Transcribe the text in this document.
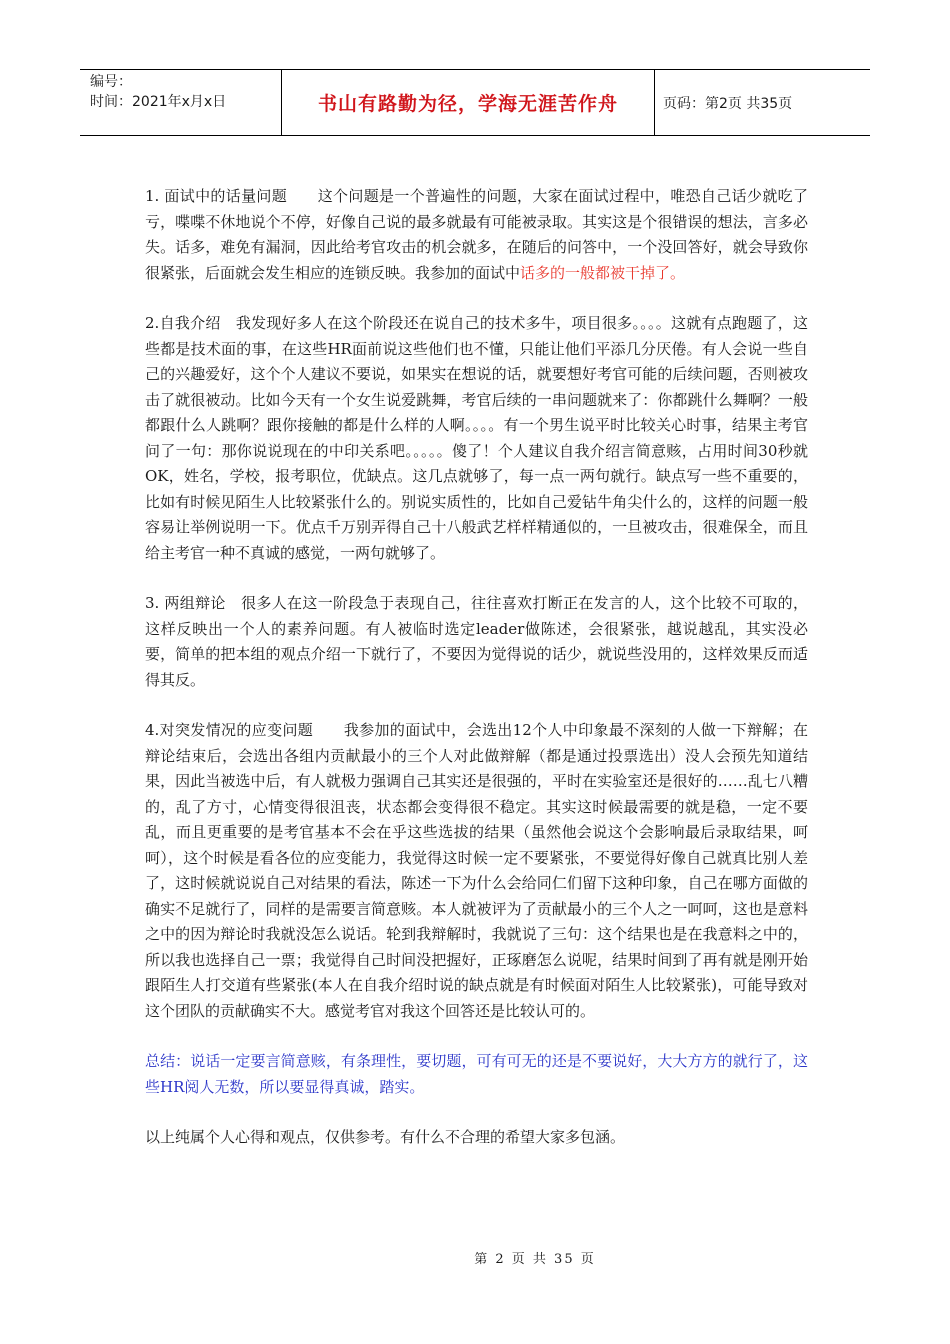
编号：
时间：2021年x月x日	书山有路勤为径，学海无涯苦作舟	页码：第2页 共35页

1. 面试中的话量问题　　这个问题是一个普遍性的问题，大家在面试过程中，唯恐自己话少就吃了亏，喋喋不休地说个不停，好像自己说的最多就最有可能被录取。其实这是个很错误的想法，言多必失。话多，难免有漏洞，因此给考官攻击的机会就多，在随后的问答中，一个没回答好，就会导致你很紧张，后面就会发生相应的连锁反映。我参加的面试中话多的一般都被干掉了。

2.自我介绍　我发现好多人在这个阶段还在说自己的技术多牛，项目很多。。。。这就有点跑题了，这些都是技术面的事，在这些HR面前说这些他们也不懂，只能让他们平添几分厌倦。有人会说一些自己的兴趣爱好，这个个人建议不要说，如果实在想说的话，就要想好考官可能的后续问题，否则被攻击了就很被动。比如今天有一个女生说爱跳舞，考官后续的一串问题就来了：你都跳什么舞啊？一般都跟什么人跳啊？跟你接触的都是什么样的人啊。。。。有一个男生说平时比较关心时事，结果主考官问了一句：那你说说现在的中印关系吧。。。。。傻了！个人建议自我介绍言简意赅，占用时间30秒就OK，姓名，学校，报考职位，优缺点。这几点就够了，每一点一两句就行。缺点写一些不重要的，比如有时候见陌生人比较紧张什么的。别说实质性的，比如自己爱钻牛角尖什么的，这样的问题一般容易让举例说明一下。优点千万别弄得自己十八般武艺样样精通似的，一旦被攻击，很难保全，而且给主考官一种不真诚的感觉，一两句就够了。

3. 两组辩论　很多人在这一阶段急于表现自己，往往喜欢打断正在发言的人，这个比较不可取的，这样反映出一个人的素养问题。有人被临时选定leader做陈述，会很紧张，越说越乱，其实没必要，简单的把本组的观点介绍一下就行了，不要因为觉得说的话少，就说些没用的，这样效果反而适得其反。

4.对突发情况的应变问题　　我参加的面试中，会选出12个人中印象最不深刻的人做一下辩解；在辩论结束后，会选出各组内贡献最小的三个人对此做辩解（都是通过投票选出）没人会预先知道结果，因此当被选中后，有人就极力强调自己其实还是很强的，平时在实验室还是很好的……乱七八糟的，乱了方寸，心情变得很沮丧，状态都会变得很不稳定。其实这时候最需要的就是稳，一定不要乱，而且更重要的是考官基本不会在乎这些选拔的结果（虽然他会说这个会影响最后录取结果，呵呵），这个时候是看各位的应变能力，我觉得这时候一定不要紧张，不要觉得好像自己就真比别人差了，这时候就说说自己对结果的看法，陈述一下为什么会给同仁们留下这种印象，自己在哪方面做的确实不足就行了，同样的是需要言简意赅。本人就被评为了贡献最小的三个人之一呵呵，这也是意料之中的因为辩论时我就没怎么说话。轮到我辩解时，我就说了三句：这个结果也是在我意料之中的，所以我也选择自己一票；我觉得自己时间没把握好，正琢磨怎么说呢，结果时间到了再有就是刚开始跟陌生人打交道有些紧张(本人在自我介绍时说的缺点就是有时候面对陌生人比较紧张)，可能导致对这个团队的贡献确实不大。感觉考官对我这个回答还是比较认可的。

总结：说话一定要言简意赅，有条理性，要切题，可有可无的还是不要说好，大大方方的就行了，这些HR阅人无数，所以要显得真诚，踏实。

以上纯属个人心得和观点，仅供参考。有什么不合理的希望大家多包涵。

第 2 页 共 35 页
